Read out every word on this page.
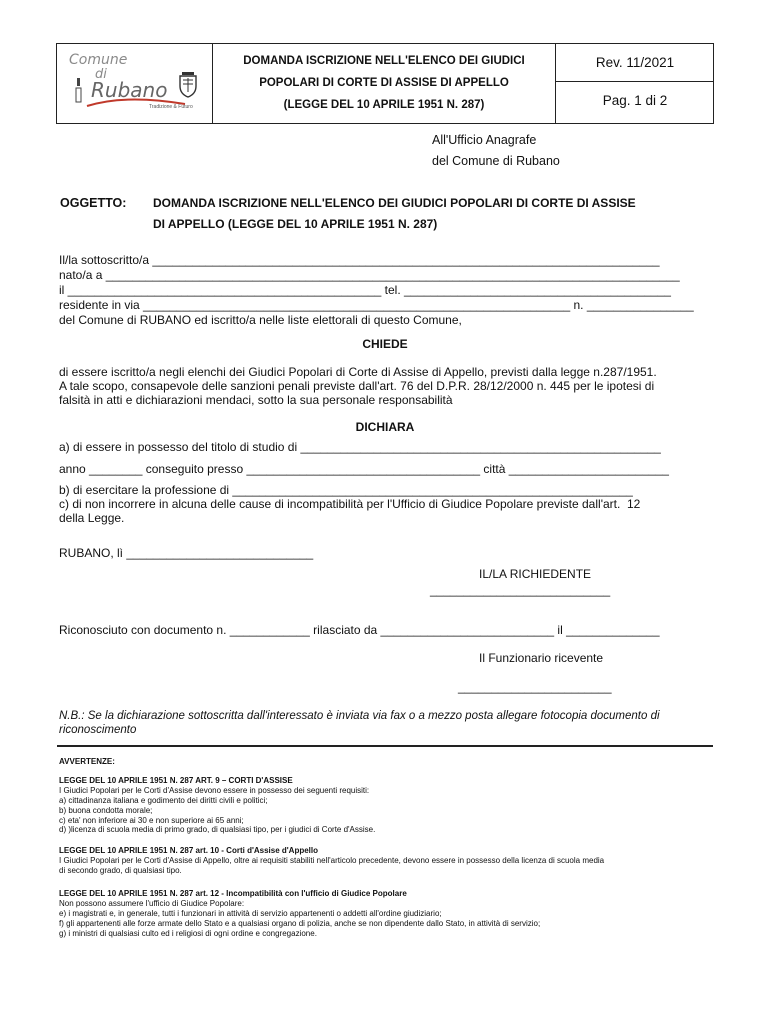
Comune
di
Rubano
Tradizione & Futuro
DOMANDA ISCRIZIONE NELL'ELENCO DEI GIUDICI
POPOLARI DI CORTE DI ASSISE DI APPELLO
(LEGGE DEL 10 APRILE 1951 N. 287)
Rev. 11/2021
Pag. 1 di 2
All'Ufficio Anagrafe
del Comune di Rubano
OGGETTO: DOMANDA ISCRIZIONE NELL'ELENCO DEI GIUDICI POPOLARI DI CORTE DI ASSISE
DI APPELLO (LEGGE DEL 10 APRILE 1951 N. 287)
Il/la sottoscritto/a ____________________________________________________________________________
nato/a a ______________________________________________________________________________________
il _______________________________________________ tel. ________________________________________
residente in via ________________________________________________________________ n. ________________
del Comune di RUBANO ed iscritto/a nelle liste elettorali di questo Comune,
CHIEDE
di essere iscritto/a negli elenchi dei Giudici Popolari di Corte di Assise di Appello, previsti dalla legge n.287/1951.
A tale scopo, consapevole delle sanzioni penali previste dall'art. 76 del D.P.R. 28/12/2000 n. 445 per le ipotesi di
falsità in atti e dichiarazioni mendaci, sotto la sua personale responsabilità
DICHIARA
a) di essere in possesso del titolo di studio di ______________________________________________________
anno ________ conseguito presso ___________________________________ città ________________________
b) di esercitare la professione di ____________________________________________________________
c) di non incorrere in alcuna delle cause di incompatibilità per l'Ufficio di Giudice Popolare previste dall'art.  12
della Legge.
RUBANO, lì ____________________________
IL/LA RICHIEDENTE
___________________________
Riconosciuto con documento n. ____________ rilasciato da __________________________ il ______________
Il Funzionario ricevente
_______________________
N.B.: Se la dichiarazione sottoscritta dall'interessato è inviata via fax o a mezzo posta allegare fotocopia documento di
riconoscimento
AVVERTENZE:
LEGGE DEL 10 APRILE 1951 N. 287 ART. 9 – CORTI D'ASSISE
I Giudici Popolari per le Corti d'Assise devono essere in possesso dei seguenti requisiti:
a) cittadinanza italiana e godimento dei diritti civili e politici;
b) buona condotta morale;
c) eta' non inferiore ai 30 e non superiore ai 65 anni;
d) )licenza di scuola media di primo grado, di qualsiasi tipo, per i giudici di Corte d'Assise.
LEGGE DEL 10 APRILE 1951 N. 287 art. 10 - Corti d'Assise d'Appello
I Giudici Popolari per le Corti d'Assise di Appello, oltre ai requisiti stabiliti nell'articolo precedente, devono essere in possesso della licenza di scuola media
di secondo grado, di qualsiasi tipo.
LEGGE DEL 10 APRILE 1951 N. 287 art. 12 - Incompatibilità con l'ufficio di Giudice Popolare
Non possono assumere l'ufficio di Giudice Popolare:
e) i magistrati e, in generale, tutti i funzionari in attività di servizio appartenenti o addetti all'ordine giudiziario;
f) gli appartenenti alle forze armate dello Stato e a qualsiasi organo di polizia, anche se non dipendente dallo Stato, in attività di servizio;
g) i ministri di qualsiasi culto ed i religiosi di ogni ordine e congregazione.
